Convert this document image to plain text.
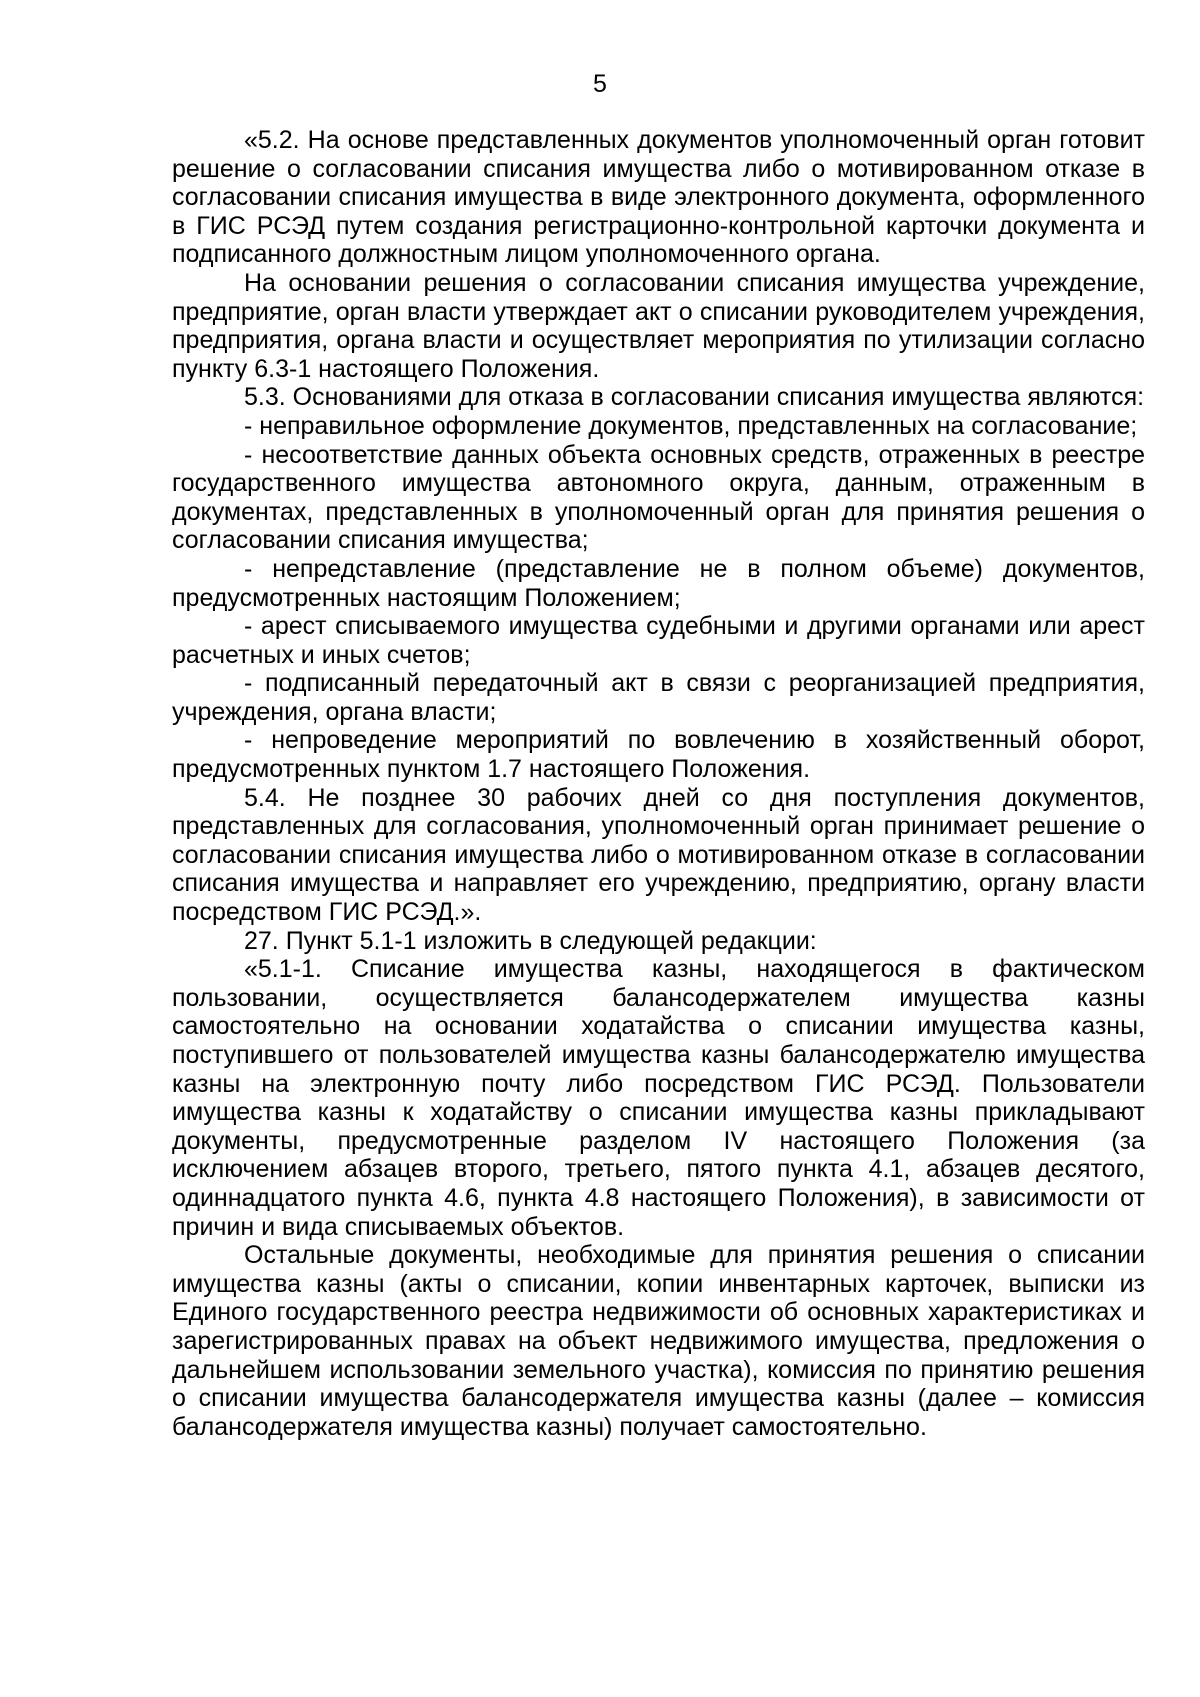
5

«5.2. На основе представленных документов уполномоченный орган готовит решение о согласовании списания имущества либо о мотивированном отказе в согласовании списания имущества в виде электронного документа, оформленного в ГИС РСЭД путем создания регистрационно-контрольной карточки документа и подписанного должностным лицом уполномоченного органа.

На основании решения о согласовании списания имущества учреждение, предприятие, орган власти утверждает акт о списании руководителем учреждения, предприятия, органа власти и осуществляет мероприятия по утилизации согласно пункту 6.3-1 настоящего Положения.

5.3. Основаниями для отказа в согласовании списания имущества являются:

- неправильное оформление документов, представленных на согласование;

- несоответствие данных объекта основных средств, отраженных в реестре государственного имущества автономного округа, данным, отраженным в документах, представленных в уполномоченный орган для принятия решения о согласовании списания имущества;

- непредставление (представление не в полном объеме) документов, предусмотренных настоящим Положением;

- арест списываемого имущества судебными и другими органами или арест расчетных и иных счетов;

- подписанный передаточный акт в связи с реорганизацией предприятия, учреждения, органа власти;

- непроведение мероприятий по вовлечению в хозяйственный оборот, предусмотренных пунктом 1.7 настоящего Положения.

5.4. Не позднее 30 рабочих дней со дня поступления документов, представленных для согласования, уполномоченный орган принимает решение о согласовании списания имущества либо о мотивированном отказе в согласовании списания имущества и направляет его учреждению, предприятию, органу власти посредством ГИС РСЭД.».

27. Пункт 5.1-1 изложить в следующей редакции:

«5.1-1. Списание имущества казны, находящегося в фактическом пользовании, осуществляется балансодержателем имущества казны самостоятельно на основании ходатайства о списании имущества казны, поступившего от пользователей имущества казны балансодержателю имущества казны на электронную почту либо посредством ГИС РСЭД. Пользователи имущества казны к ходатайству о списании имущества казны прикладывают документы, предусмотренные разделом IV настоящего Положения (за исключением абзацев второго, третьего, пятого пункта 4.1, абзацев десятого, одиннадцатого пункта 4.6, пункта 4.8 настоящего Положения), в зависимости от причин и вида списываемых объектов.

Остальные документы, необходимые для принятия решения о списании имущества казны (акты о списании, копии инвентарных карточек, выписки из Единого государственного реестра недвижимости об основных характеристиках и зарегистрированных правах на объект недвижимого имущества, предложения о дальнейшем использовании земельного участка), комиссия по принятию решения о списании имущества балансодержателя имущества казны (далее – комиссия балансодержателя имущества казны) получает самостоятельно.
